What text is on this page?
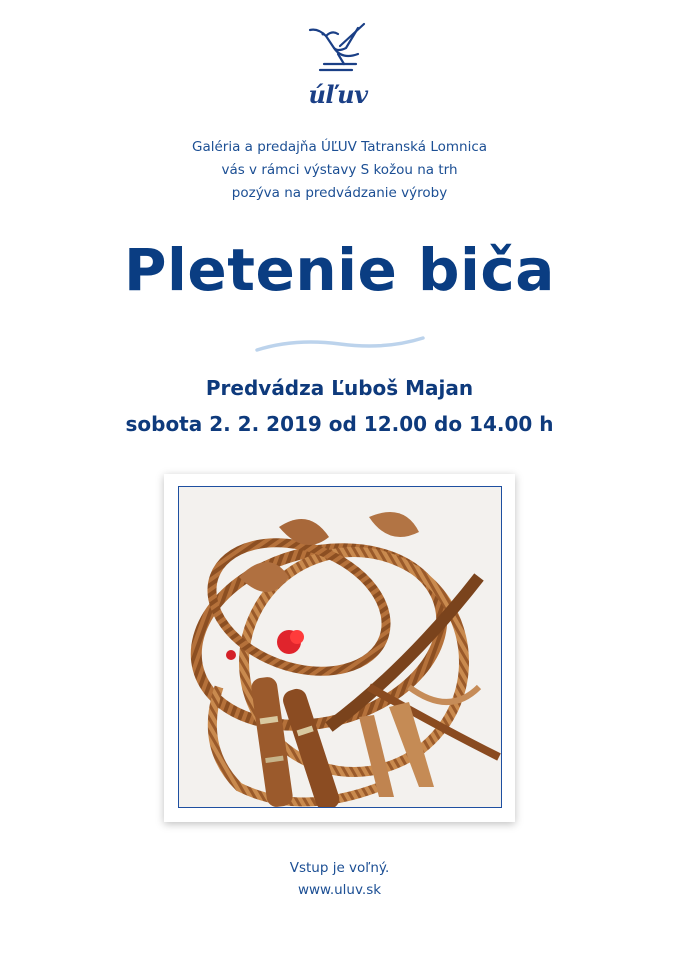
úľuv
Galéria a predajňa ÚĽUV Tatranská Lomnica
vás v rámci výstavy S kožou na trh
pozýva na predvádzanie výroby
Pletenie biča
Predvádza Ľuboš Majan
sobota 2. 2. 2019 od 12.00 do 14.00 h
Vstup je voľný.
www.uluv.sk
